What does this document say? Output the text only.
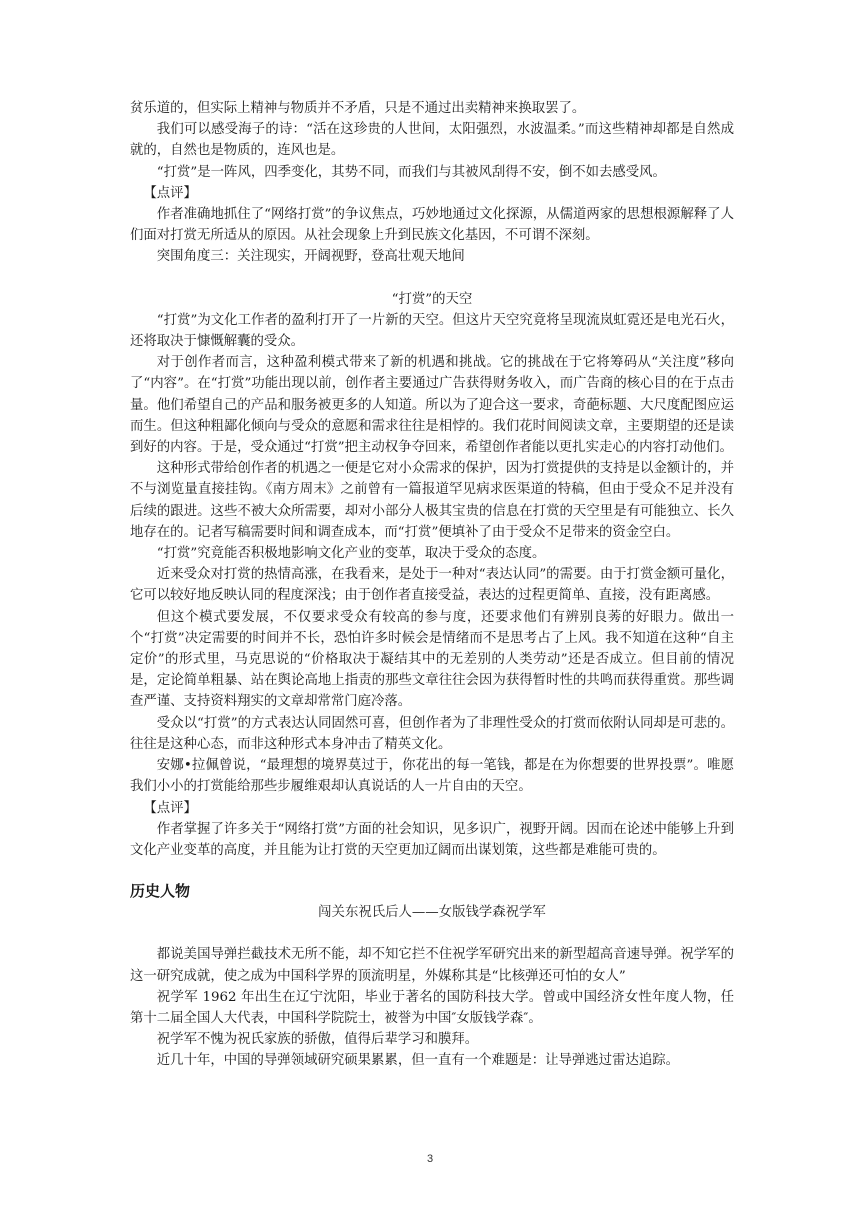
贫乐道的，但实际上精神与物质并不矛盾，只是不通过出卖精神来换取罢了。

我们可以感受海子的诗：“活在这珍贵的人世间，太阳强烈，水波温柔。”而这些精神却都是自然成就的，自然也是物质的，连风也是。

“打赏”是一阵风，四季变化，其势不同，而我们与其被风刮得不安，倒不如去感受风。

【点评】

作者准确地抓住了“网络打赏”的争议焦点，巧妙地通过文化探源，从儒道两家的思想根源解释了人们面对打赏无所适从的原因。从社会现象上升到民族文化基因，不可谓不深刻。

突围角度三：关注现实，开阔视野，登高壮观天地间

“打赏”的天空

“打赏”为文化工作者的盈利打开了一片新的天空。但这片天空究竟将呈现流岚虹霓还是电光石火，还将取决于慷慨解囊的受众。

对于创作者而言，这种盈利模式带来了新的机遇和挑战。它的挑战在于它将筹码从“关注度”移向了“内容”。在“打赏”功能出现以前，创作者主要通过广告获得财务收入，而广告商的核心目的在于点击量。他们希望自己的产品和服务被更多的人知道。所以为了迎合这一要求，奇葩标题、大尺度配图应运而生。但这种粗鄙化倾向与受众的意愿和需求往往是相悖的。我们花时间阅读文章，主要期望的还是读到好的内容。于是，受众通过“打赏”把主动权争夺回来，希望创作者能以更扎实走心的内容打动他们。

这种形式带给创作者的机遇之一便是它对小众需求的保护，因为打赏提供的支持是以金额计的，并不与浏览量直接挂钩。《南方周末》之前曾有一篇报道罕见病求医渠道的特稿，但由于受众不足并没有后续的跟进。这些不被大众所需要，却对小部分人极其宝贵的信息在打赏的天空里是有可能独立、长久地存在的。记者写稿需要时间和调查成本，而“打赏”便填补了由于受众不足带来的资金空白。

“打赏”究竟能否积极地影响文化产业的变革，取决于受众的态度。

近来受众对打赏的热情高涨，在我看来，是处于一种对“表达认同”的需要。由于打赏金额可量化，它可以较好地反映认同的程度深浅；由于创作者直接受益，表达的过程更简单、直接，没有距离感。

但这个模式要发展，不仅要求受众有较高的参与度，还要求他们有辨别良莠的好眼力。做出一个“打赏”决定需要的时间并不长，恐怕许多时候会是情绪而不是思考占了上风。我不知道在这种“自主定价”的形式里，马克思说的“价格取决于凝结其中的无差别的人类劳动”还是否成立。但目前的情况是，定论简单粗暴、站在舆论高地上指责的那些文章往往会因为获得暂时性的共鸣而获得重赏。那些调查严谨、支持资料翔实的文章却常常门庭冷落。

受众以“打赏”的方式表达认同固然可喜，但创作者为了非理性受众的打赏而依附认同却是可悲的。往往是这种心态，而非这种形式本身冲击了精英文化。

安娜•拉佩曾说，“最理想的境界莫过于，你花出的每一笔钱，都是在为你想要的世界投票”。唯愿我们小小的打赏能给那些步履维艰却认真说话的人一片自由的天空。

【点评】

作者掌握了许多关于“网络打赏”方面的社会知识，见多识广，视野开阔。因而在论述中能够上升到文化产业变革的高度，并且能为让打赏的天空更加辽阔而出谋划策，这些都是难能可贵的。

历史人物

闯关东祝氏后人——女版钱学森祝学军

都说美国导弹拦截技术无所不能，却不知它拦不住祝学军研究出来的新型超高音速导弹。祝学军的这一研究成就，使之成为中国科学界的顶流明星，外媒称其是“比核弹还可怕的女人”

祝学军 1962 年出生在辽宁沈阳，毕业于著名的国防科技大学。曾或中国经济女性年度人物，任第十二届全国人大代表，中国科学院院士，被誉为中国″女版钱学森″。

祝学军不愧为祝氏家族的骄傲，值得后辈学习和膜拜。

近几十年，中国的导弹领域研究硕果累累，但一直有一个难题是：让导弹逃过雷达追踪。

3
